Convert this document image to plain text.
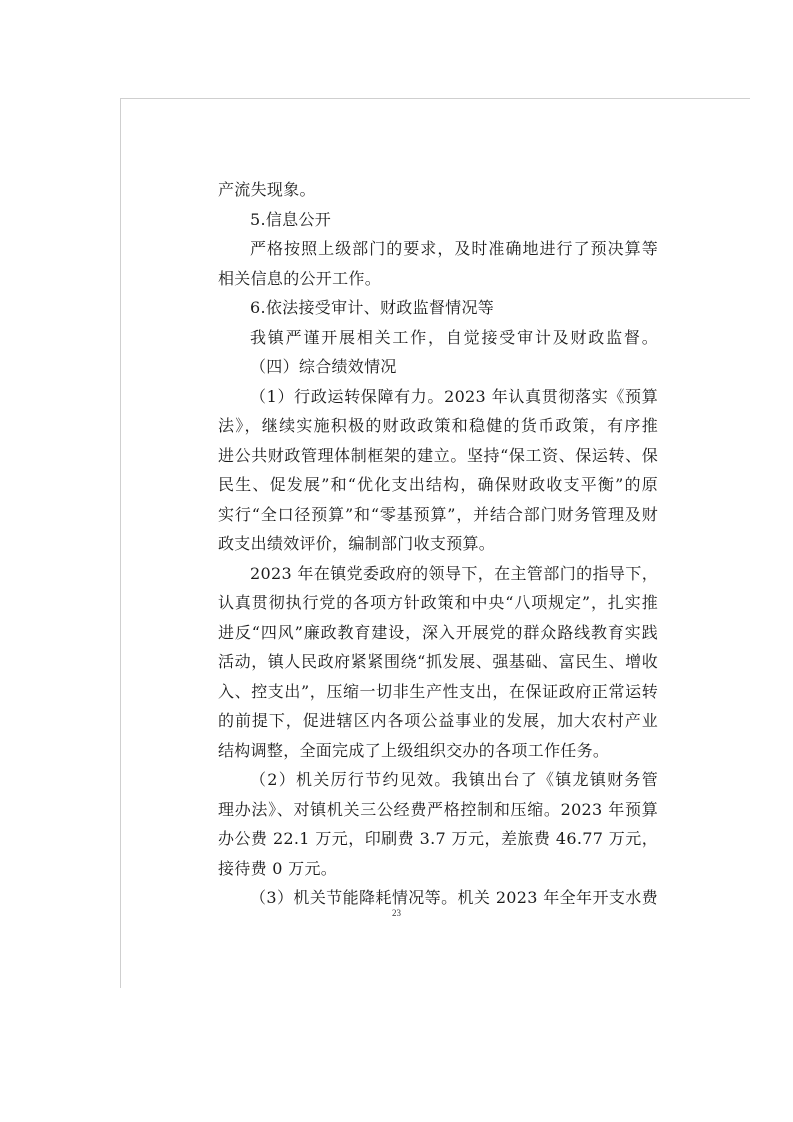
产流失现象。
5.信息公开
严格按照上级部门的要求，及时准确地进行了预决算等
相关信息的公开工作。
6.依法接受审计、财政监督情况等
我镇严谨开展相关工作，自觉接受审计及财政监督。
（四）综合绩效情况
（1）行政运转保障有力。2023 年认真贯彻落实《预算
法》，继续实施积极的财政政策和稳健的货币政策，有序推
进公共财政管理体制框架的建立。坚持“保工资、保运转、保
民生、促发展”和“优化支出结构，确保财政收支平衡”的原
实行“全口径预算”和“零基预算”，并结合部门财务管理及财
政支出绩效评价，编制部门收支预算。
2023 年在镇党委政府的领导下，在主管部门的指导下，
认真贯彻执行党的各项方针政策和中央“八项规定”，扎实推
进反“四风”廉政教育建设，深入开展党的群众路线教育实践
活动，镇人民政府紧紧围绕“抓发展、强基础、富民生、增收
入、控支出”，压缩一切非生产性支出，在保证政府正常运转
的前提下，促进辖区内各项公益事业的发展，加大农村产业
结构调整，全面完成了上级组织交办的各项工作任务。
（2）机关厉行节约见效。我镇出台了《镇龙镇财务管
理办法》、对镇机关三公经费严格控制和压缩。2023 年预算
办公费 22.1 万元，印刷费 3.7 万元，差旅费 46.77 万元，
接待费 0 万元。
（3）机关节能降耗情况等。机关 2023 年全年开支水费
23
